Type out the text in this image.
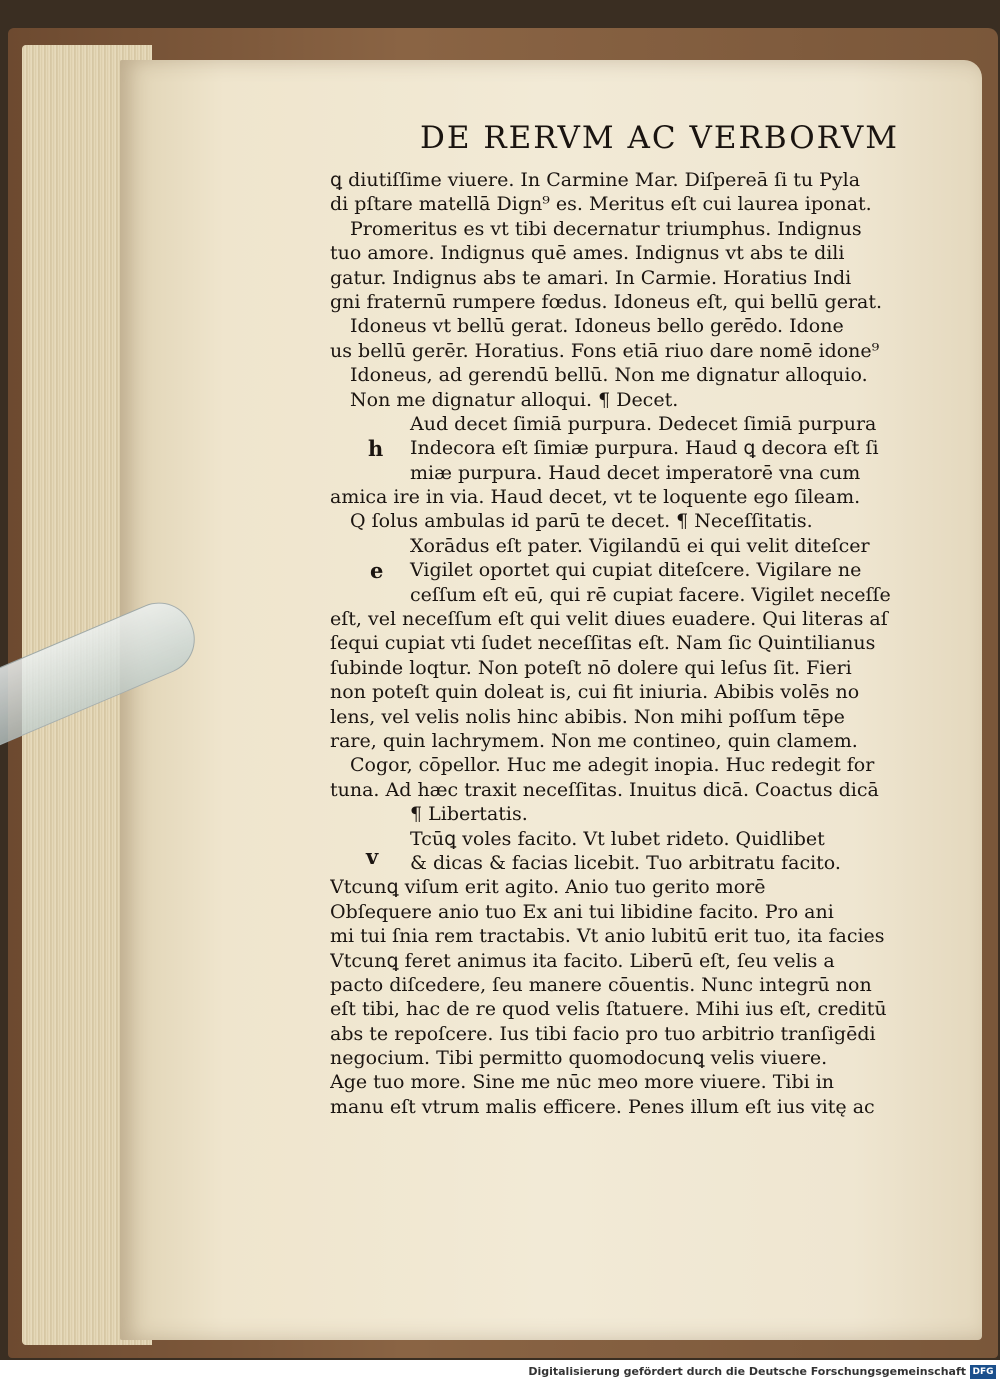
DE RERVM AC VERBORVM
ꝗ diutiſſime viuere. In Carmine Mar. Diſpereā ſi tu Pyla
di pſtare matellā Dign⁹ es. Meritus eſt cui laurea iponat.
Promeritus es vt tibi decernatur triumphus. Indignus
tuo amore. Indignus quē ames. Indignus vt abs te dili
gatur. Indignus abs te amari. In Carmie. Horatius Indi
gni fraternū rumpere fœdus. Idoneus eſt, qui bellū gerat.
Idoneus vt bellū gerat. Idoneus bello gerēdo. Idone
us bellū gerēr. Horatius. Fons etiā riuo dare nomē idone⁹
Idoneus, ad gerendū bellū. Non me dignatur alloquio.
Non me dignatur alloqui. ¶ Decet.
Aud decet ſimiā purpura. Dedecet ſimiā purpura
Indecora eſt ſimiæ purpura. Haud ꝗ decora eſt ſi
miæ purpura. Haud decet imperatorē vna cum
amica ire in via. Haud decet, vt te loquente ego ſileam.
Q ſolus ambulas id parū te decet. ¶ Neceſſitatis.
Xorādus eſt pater. Vigilandū ei qui velit diteſcer
Vigilet oportet qui cupiat diteſcere. Vigilare ne
ceſſum eſt eū, qui rē cupiat facere. Vigilet neceſſe
eſt, vel neceſſum eſt qui velit diues euadere. Qui literas aſ
ſequi cupiat vti ſudet neceſſitas eſt. Nam ſic Quintilianus
ſubinde loqtur. Non poteſt nō dolere qui leſus ſit. Fieri
non poteſt quin doleat is, cui fit iniuria. Abibis volēs no
lens, vel velis nolis hinc abibis. Non mihi poſſum tēpe
rare, quin lachrymem. Non me contineo, quin clamem.
Cogor, cōpellor. Huc me adegit inopia. Huc redegit for
tuna. Ad hæc traxit neceſſitas. Inuitus dicā. Coactus dicā
¶ Libertatis.
Tcūꝗ voles facito. Vt lubet rideto. Quidlibet
& dicas & facias licebit. Tuo arbitratu facito.
Vtcunꝗ viſum erit agito. Anio tuo gerito morē
Obſequere anio tuo Ex ani tui libidine facito. Pro ani
mi tui ſnia rem tractabis. Vt anio lubitū erit tuo, ita facies
Vtcunꝗ feret animus ita facito. Liberū eſt, ſeu velis a
pacto diſcedere, ſeu manere cōuentis. Nunc integrū non
eſt tibi, hac de re quod velis ſtatuere. Mihi ius eſt, creditū
abs te repoſcere. Ius tibi facio pro tuo arbitrio tranſigēdi
negocium. Tibi permitto quomodocunꝗ velis viuere.
Age tuo more. Sine me nūc meo more viuere. Tibi in
manu eſt vtrum malis efficere. Penes illum eſt ius vitę ac
h
e
v
Digitalisierung gefördert durch die Deutsche Forschungsgemeinschaft DFG
